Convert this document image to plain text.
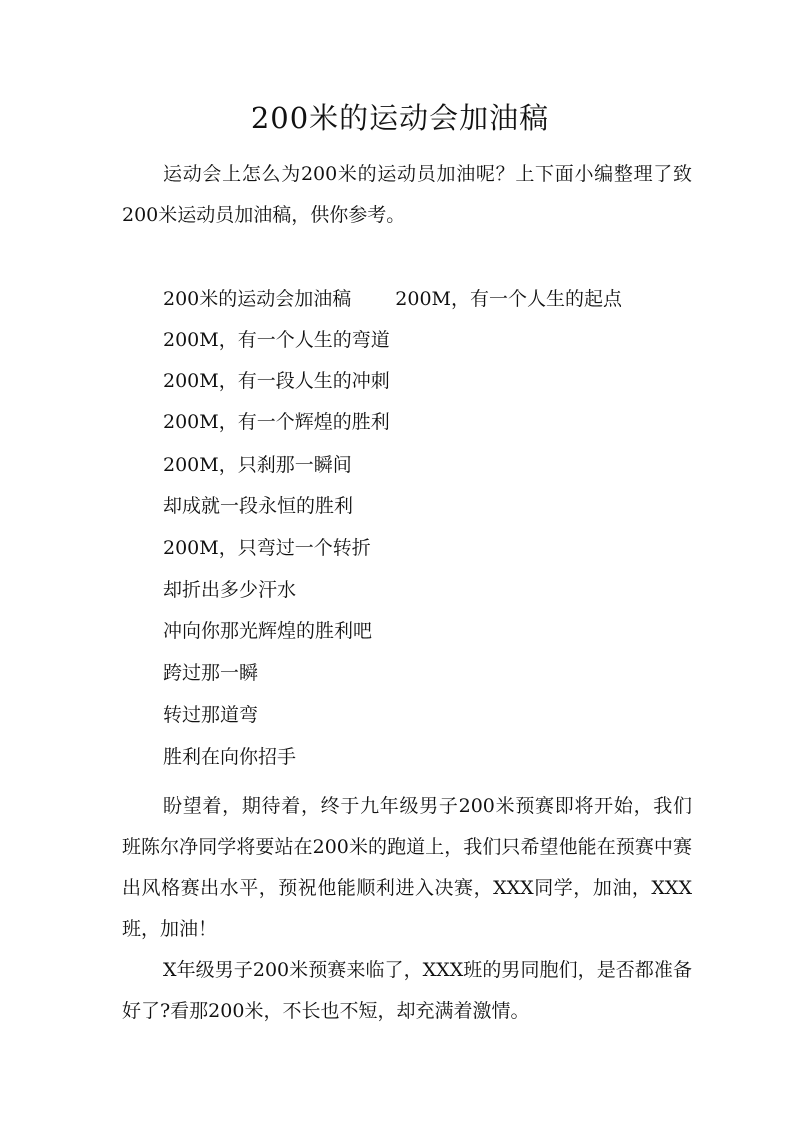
200米的运动会加油稿
运动会上怎么为200米的运动员加油呢？上下面小编整理了致200米运动员加油稿，供你参考。
200米的运动会加油稿 200M，有一个人生的起点
200M，有一个人生的弯道
200M，有一段人生的冲刺
200M，有一个辉煌的胜利
200M，只刹那一瞬间
却成就一段永恒的胜利
200M，只弯过一个转折
却折出多少汗水
冲向你那光辉煌的胜利吧
跨过那一瞬
转过那道弯
胜利在向你招手
盼望着，期待着，终于九年级男子200米预赛即将开始，我们班陈尔净同学将要站在200米的跑道上，我们只希望他能在预赛中赛出风格赛出水平，预祝他能顺利进入决赛，XXX同学，加油，XXX班，加油！
X年级男子200米预赛来临了，XXX班的男同胞们，是否都准备好了?看那200米，不长也不短，却充满着激情。
